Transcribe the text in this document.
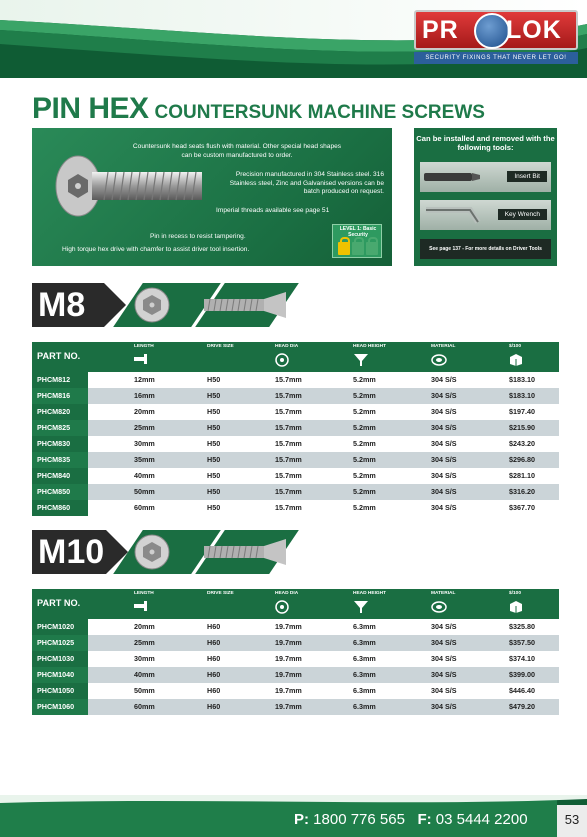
PR LOK
SECURITY FIXINGS THAT NEVER LET GO!
PIN HEX COUNTERSUNK MACHINE SCREWS
Countersunk head seats flush with material. Other special head shapes can be custom manufactured to order.
Precision manufactured in 304 Stainless steel. 316 Stainless steel, Zinc and Galvanised versions can be batch produced on request.
Imperial threads available see page 51
Pin in recess to resist tampering.
High torque hex drive with chamfer to assist driver tool insertion.
LEVEL 1: Basic Security
Can be installed and removed with the following tools:
Insert Bit
Key Wrench
See page 137 - For more details on Driver Tools
M8
PART NO.
LENGTH	DRIVE SIZE	HEAD DIA	HEAD HEIGHT	MATERIAL	$/100
PHCM812	12mm	H50	15.7mm	5.2mm	304 S/S	$183.10
PHCM816	16mm	H50	15.7mm	5.2mm	304 S/S	$183.10
PHCM820	20mm	H50	15.7mm	5.2mm	304 S/S	$197.40
PHCM825	25mm	H50	15.7mm	5.2mm	304 S/S	$215.90
PHCM830	30mm	H50	15.7mm	5.2mm	304 S/S	$243.20
PHCM835	35mm	H50	15.7mm	5.2mm	304 S/S	$296.80
PHCM840	40mm	H50	15.7mm	5.2mm	304 S/S	$281.10
PHCM850	50mm	H50	15.7mm	5.2mm	304 S/S	$316.20
PHCM860	60mm	H50	15.7mm	5.2mm	304 S/S	$367.70
M10
PART NO.
LENGTH	DRIVE SIZE	HEAD DIA	HEAD HEIGHT	MATERIAL	$/100
PHCM1020	20mm	H60	19.7mm	6.3mm	304 S/S	$325.80
PHCM1025	25mm	H60	19.7mm	6.3mm	304 S/S	$357.50
PHCM1030	30mm	H60	19.7mm	6.3mm	304 S/S	$374.10
PHCM1040	40mm	H60	19.7mm	6.3mm	304 S/S	$399.00
PHCM1050	50mm	H60	19.7mm	6.3mm	304 S/S	$446.40
PHCM1060	60mm	H60	19.7mm	6.3mm	304 S/S	$479.20
P: 1800 776 565 F: 03 5444 2200	53
